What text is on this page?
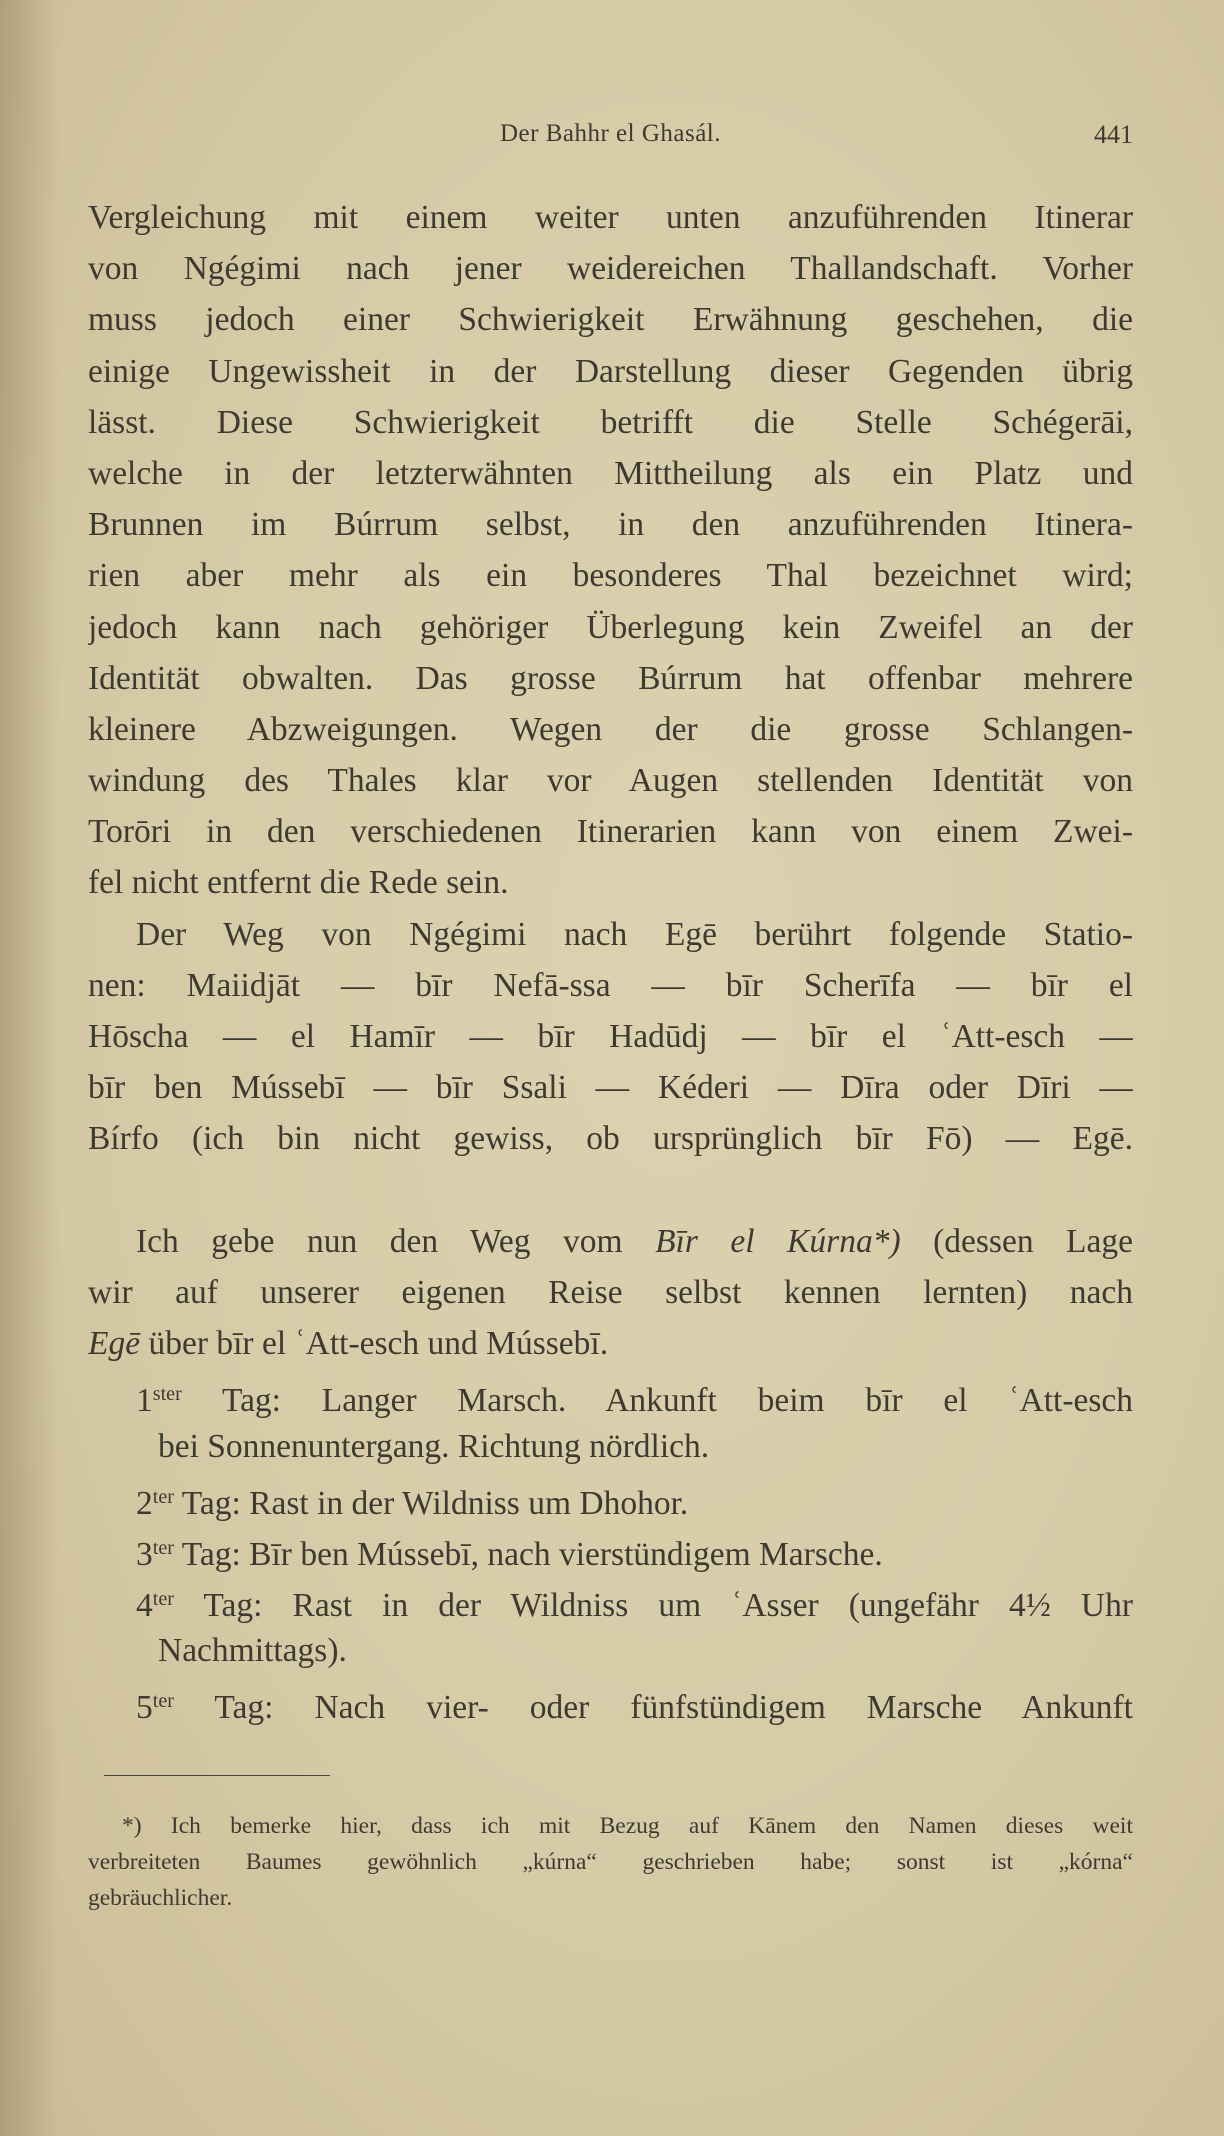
Der Bahhr el Ghasál.	441
Vergleichung mit einem weiter unten anzuführenden Itinerar
von Ngégimi nach jener weidereichen Thallandschaft. Vorher
muss jedoch einer Schwierigkeit Erwähnung geschehen, die
einige Ungewissheit in der Darstellung dieser Gegenden übrig
lässt. Diese Schwierigkeit betrifft die Stelle Schégerāi,
welche in der letzterwähnten Mittheilung als ein Platz und
Brunnen im Búrrum selbst, in den anzuführenden Itinera-
rien aber mehr als ein besonderes Thal bezeichnet wird;
jedoch kann nach gehöriger Überlegung kein Zweifel an der
Identität obwalten. Das grosse Búrrum hat offenbar mehrere
kleinere Abzweigungen. Wegen der die grosse Schlangen-
windung des Thales klar vor Augen stellenden Identität von
Torōri in den verschiedenen Itinerarien kann von einem Zwei-
fel nicht entfernt die Rede sein.
Der Weg von Ngégimi nach Egē berührt folgende Statio-
nen: Maiidjāt — bīr Nefā-ssa — bīr Scherīfa — bīr el
Hōscha — el Hamīr — bīr Hadūdj — bīr el ʿAtt-esch —
bīr ben Mússebī — bīr Ssali — Kéderi — Dīra oder Dīri —
Bírfo (ich bin nicht gewiss, ob ursprünglich bīr Fō) — Egē.
Ich gebe nun den Weg vom Bīr el Kúrna*) (dessen Lage
wir auf unserer eigenen Reise selbst kennen lernten) nach
Egē über bīr el ʿAtt-esch und Mússebī.
$1^{ster}$ Tag: Langer Marsch. Ankunft beim bīr el ʿAtt-esch
bei Sonnenuntergang. Richtung nördlich.
$2^{ter}$ Tag: Rast in der Wildniss um Dhohor.
$3^{ter}$ Tag: Bīr ben Mússebī, nach vierstündigem Marsche.
$4^{ter}$ Tag: Rast in der Wildniss um ʿAsser (ungefähr 4½ Uhr
Nachmittags).
$5^{ter}$ Tag: Nach vier- oder fünfstündigem Marsche Ankunft
*) Ich bemerke hier, dass ich mit Bezug auf Kānem den Namen dieses weit
verbreiteten Baumes gewöhnlich „kúrna“ geschrieben habe; sonst ist „kórna“
gebräuchlicher.
